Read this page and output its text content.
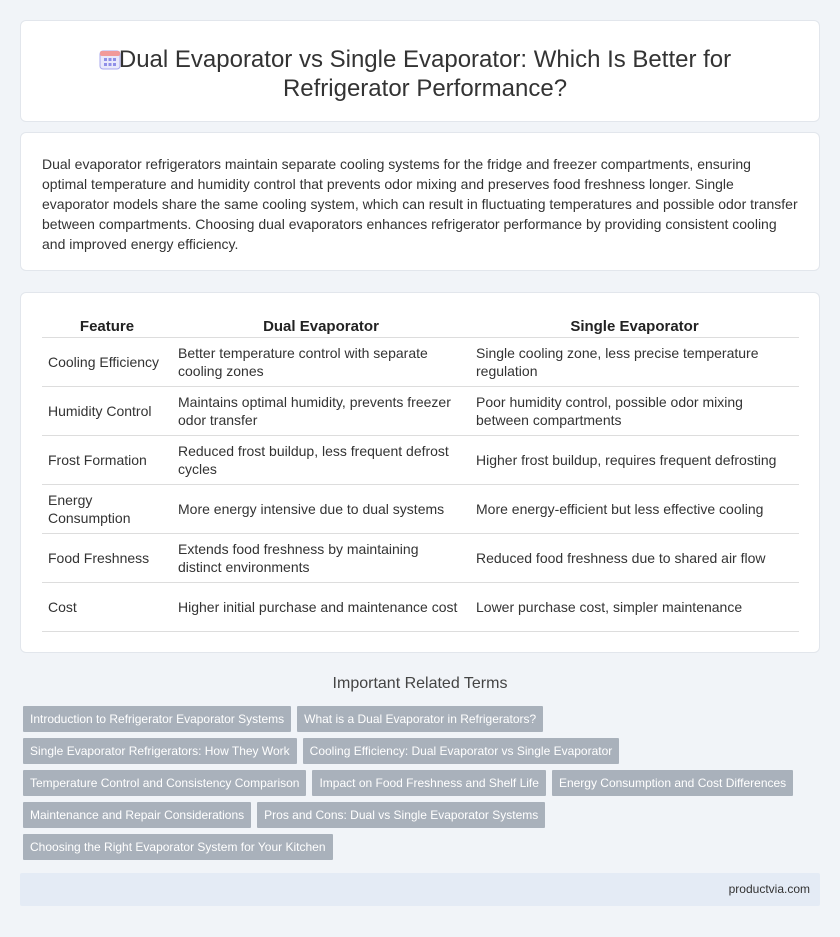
Dual Evaporator vs Single Evaporator: Which Is Better for Refrigerator Performance?

Dual evaporator refrigerators maintain separate cooling systems for the fridge and freezer compartments, ensuring optimal temperature and humidity control that prevents odor mixing and preserves food freshness longer. Single evaporator models share the same cooling system, which can result in fluctuating temperatures and possible odor transfer between compartments. Choosing dual evaporators enhances refrigerator performance by providing consistent cooling and improved energy efficiency.

Feature	Dual Evaporator	Single Evaporator
Cooling Efficiency	Better temperature control with separate cooling zones	Single cooling zone, less precise temperature regulation
Humidity Control	Maintains optimal humidity, prevents freezer odor transfer	Poor humidity control, possible odor mixing between compartments
Frost Formation	Reduced frost buildup, less frequent defrost cycles	Higher frost buildup, requires frequent defrosting
Energy Consumption	More energy intensive due to dual systems	More energy-efficient but less effective cooling
Food Freshness	Extends food freshness by maintaining distinct environments	Reduced food freshness due to shared air flow
Cost	Higher initial purchase and maintenance cost	Lower purchase cost, simpler maintenance
Important Related Terms
Introduction to Refrigerator Evaporator Systems	What is a Dual Evaporator in Refrigerators?
Single Evaporator Refrigerators: How They Work	Cooling Efficiency: Dual Evaporator vs Single Evaporator
Temperature Control and Consistency Comparison	Impact on Food Freshness and Shelf Life	Energy Consumption and Cost Differences
Maintenance and Repair Considerations	Pros and Cons: Dual vs Single Evaporator Systems
Choosing the Right Evaporator System for Your Kitchen
productvia.com
